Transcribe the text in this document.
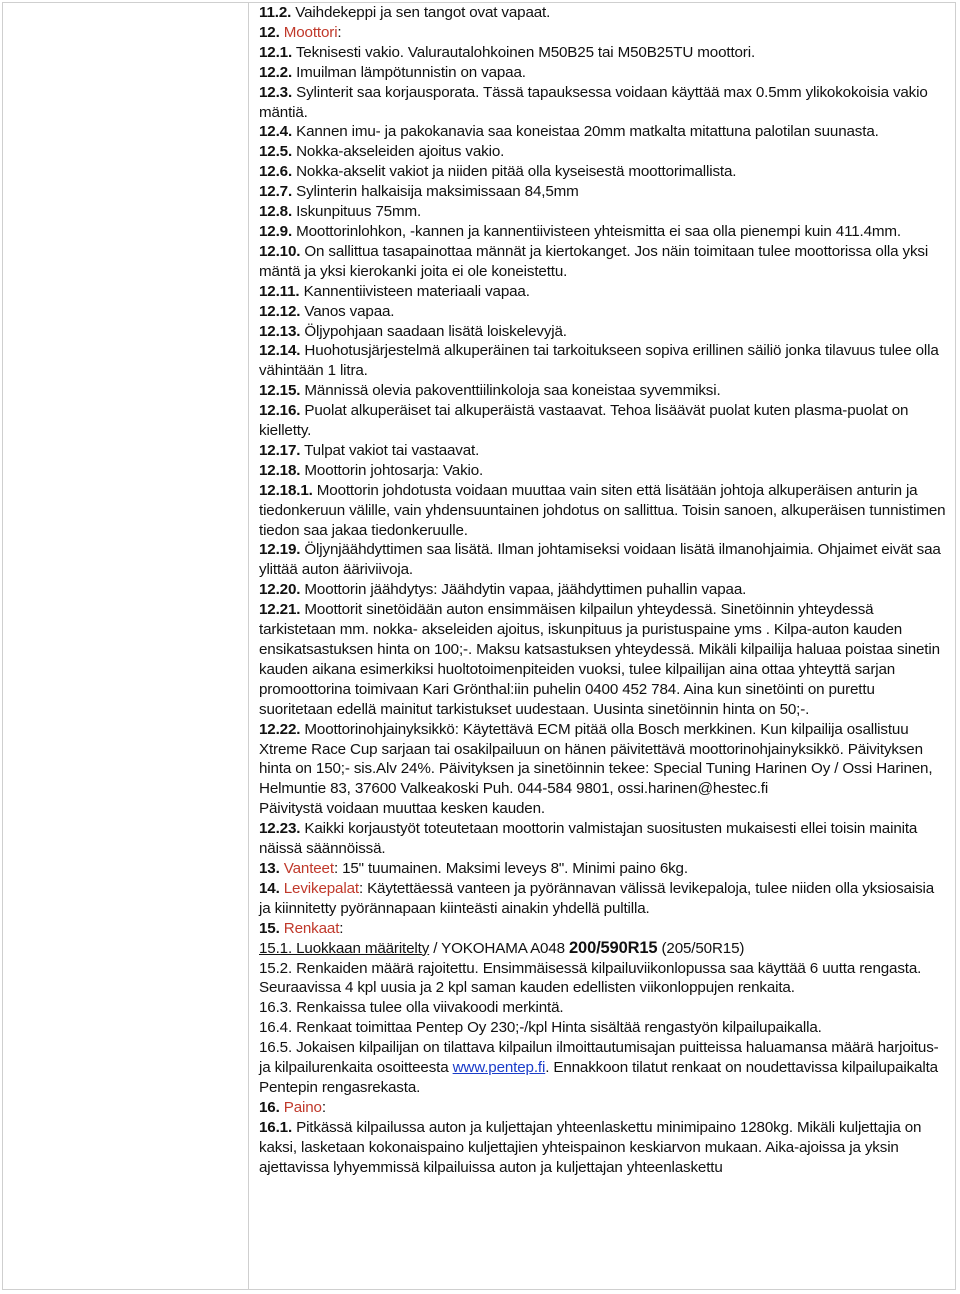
11.2. Vaihdekeppi ja sen tangot ovat vapaat.

12. Moottori:

12.1. Teknisesti vakio. Valurautalohkoinen M50B25 tai M50B25TU moottori.

12.2. Imuilman lämpötunnistin on vapaa.

12.3. Sylinterit saa korjausporata. Tässä tapauksessa voidaan käyttää max 0.5mm ylikokokoisia vakio mäntiä.

12.4. Kannen imu- ja pakokanavia saa koneistaa 20mm matkalta mitattuna palotilan suunasta.

12.5. Nokka-akseleiden ajoitus vakio.

12.6. Nokka-akselit vakiot ja niiden pitää olla kyseisestä moottorimallista.

12.7. Sylinterin halkaisija maksimissaan 84,5mm

12.8. Iskunpituus 75mm.

12.9. Moottorinlohkon, -kannen ja kannentiivisteen yhteismitta ei saa olla pienempi kuin 411.4mm.

12.10. On sallittua tasapainottaa männät ja kiertokanget. Jos näin toimitaan tulee moottorissa olla yksi mäntä ja yksi kierokanki joita ei ole koneistettu.

12.11. Kannentiivisteen materiaali vapaa.

12.12. Vanos vapaa.

12.13. Öljypohjaan saadaan lisätä loiskelevyjä.

12.14. Huohotusjärjestelmä alkuperäinen tai tarkoitukseen sopiva erillinen säiliö jonka tilavuus tulee olla vähintään 1 litra.

12.15. Männissä olevia pakoventtiilinkoloja saa koneistaa syvemmiksi.

12.16. Puolat alkuperäiset tai alkuperäistä vastaavat. Tehoa lisäävät puolat kuten plasma-puolat on kielletty.

12.17. Tulpat vakiot tai vastaavat.

12.18. Moottorin johtosarja: Vakio.

12.18.1. Moottorin johdotusta voidaan muuttaa vain siten että lisätään johtoja alkuperäisen anturin ja tiedonkeruun välille, vain yhdensuuntainen johdotus on sallittua. Toisin sanoen, alkuperäisen tunnistimen tiedon saa jakaa tiedonkeruulle.

12.19. Öljynjäähdyttimen saa lisätä. Ilman johtamiseksi voidaan lisätä ilmanohjaimia. Ohjaimet eivät saa ylittää auton ääriviivoja.

12.20. Moottorin jäähdytys: Jäähdytin vapaa, jäähdyttimen puhallin vapaa.

12.21. Moottorit sinetöidään auton ensimmäisen kilpailun yhteydessä. Sinetöinnin yhteydessä tarkistetaan mm. nokka- akseleiden ajoitus, iskunpituus ja puristuspaine yms . Kilpa-auton kauden ensikatsastuksen hinta on 100;-. Maksu katsastuksen yhteydessä. Mikäli kilpailija haluaa poistaa sinetin kauden aikana esimerkiksi huoltotoimenpiteiden vuoksi, tulee kilpailijan aina ottaa yhteyttä sarjan promoottorina toimivaan Kari Grönthal:iin puhelin 0400 452 784. Aina kun sinetöinti on purettu suoritetaan edellä mainitut tarkistukset uudestaan. Uusinta sinetöinnin hinta on 50;-.

12.22. Moottorinohjainyksikkö: Käytettävä ECM pitää olla Bosch merkkinen. Kun kilpailija osallistuu Xtreme Race Cup sarjaan tai osakilpailuun on hänen päivitettävä moottorinohjainyksikkö. Päivityksen hinta on 150;- sis.Alv 24%. Päivityksen ja sinetöinnin tekee: Special Tuning Harinen Oy / Ossi Harinen, Helmuntie 83, 37600 Valkeakoski Puh. 044-584 9801, ossi.harinen@hestec.fi

Päivitystä voidaan muuttaa kesken kauden.

12.23. Kaikki korjaustyöt toteutetaan moottorin valmistajan suositusten mukaisesti ellei toisin mainita näissä säännöissä.

13. Vanteet: 15" tuumainen. Maksimi leveys 8". Minimi paino 6kg.

14. Levikepalat: Käytettäessä vanteen ja pyörännavan välissä levikepaloja, tulee niiden olla yksiosaisia ja kiinnitetty pyörännapaan kiinteästi ainakin yhdellä pultilla.

15. Renkaat:

15.1. Luokkaan määritelty / YOKOHAMA A048 200/590R15 (205/50R15)

15.2. Renkaiden määrä rajoitettu. Ensimmäisessä kilpailuviikonlopussa saa käyttää 6 uutta rengasta. Seuraavissa 4 kpl uusia ja 2 kpl saman kauden edellisten viikonloppujen renkaita.

16.3. Renkaissa tulee olla viivakoodi merkintä.

16.4. Renkaat toimittaa Pentep Oy 230;-/kpl Hinta sisältää rengastyön kilpailupaikalla.

16.5. Jokaisen kilpailijan on tilattava kilpailun ilmoittautumisajan puitteissa haluamansa määrä harjoitus- ja kilpailurenkaita osoitteesta www.pentep.fi. Ennakkoon tilatut renkaat on noudettavissa kilpailupaikalta Pentepin rengasrekasta.

16. Paino:

16.1. Pitkässä kilpailussa auton ja kuljettajan yhteenlaskettu minimipaino 1280kg. Mikäli kuljettajia on kaksi, lasketaan kokonaispaino kuljettajien yhteispainon keskiarvon mukaan. Aika-ajoissa ja yksin ajettavissa lyhyemmissä kilpailuissa auton ja kuljettajan yhteenlaskettu
